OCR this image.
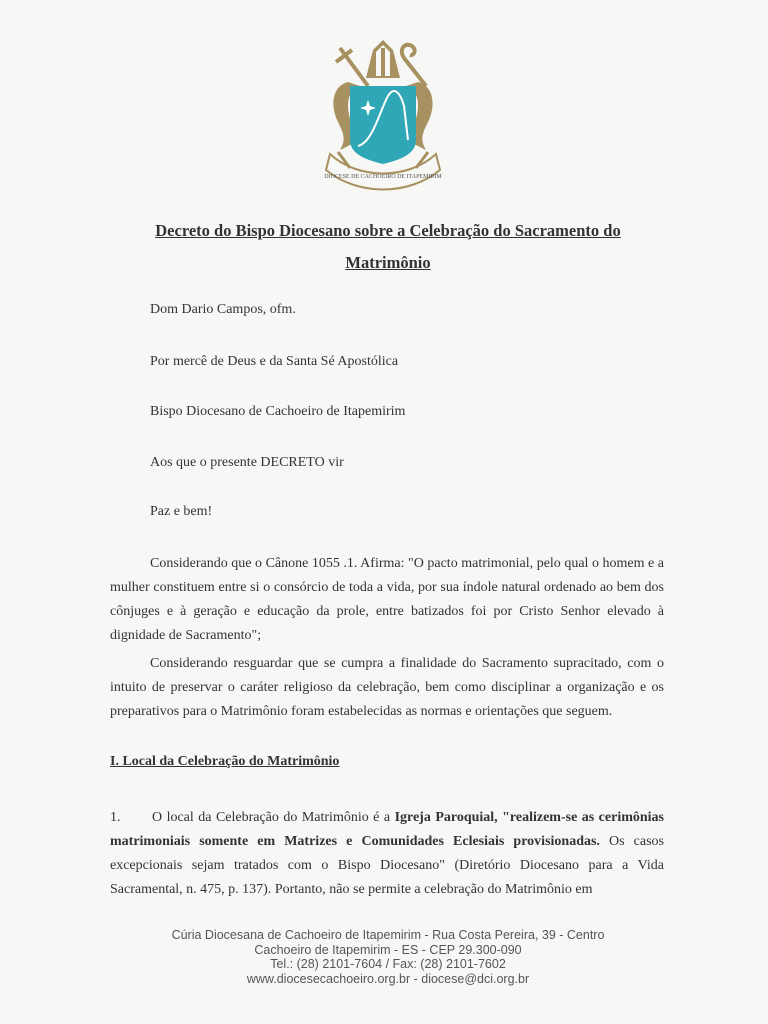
DIOCESE DE CACHOEIRO DE ITAPEMIRIM
Decreto do Bispo Diocesano sobre a Celebração do Sacramento do
Matrimônio
Dom Dario Campos, ofm.
Por mercê de Deus e da Santa Sé Apostólica
Bispo Diocesano de Cachoeiro de Itapemirim
Aos que o presente DECRETO vir
Paz e bem!
Considerando que o Cânone 1055 .1. Afirma: "O pacto matrimonial, pelo qual o homem e a mulher constituem entre si o consórcio de toda a vida, por sua índole natural ordenado ao bem dos cônjuges e à geração e educação da prole, entre batizados foi por Cristo Senhor elevado à dignidade de Sacramento";
Considerando resguardar que se cumpra a finalidade do Sacramento supracitado, com o intuito de preservar o caráter religioso da celebração, bem como disciplinar a organização e os preparativos para o Matrimônio foram estabelecidas as normas e orientações que seguem.
I. Local da Celebração do Matrimônio
1. O local da Celebração do Matrimônio é a Igreja Paroquial, "realizem-se as cerimônias matrimoniais somente em Matrizes e Comunidades Eclesiais provisionadas. Os casos excepcionais sejam tratados com o Bispo Diocesano" (Diretório Diocesano para a Vida Sacramental, n. 475, p. 137). Portanto, não se permite a celebração do Matrimônio em
Cúria Diocesana de Cachoeiro de Itapemirim - Rua Costa Pereira, 39 - Centro
Cachoeiro de Itapemirim - ES - CEP 29.300-090
Tel.: (28) 2101-7604 / Fax: (28) 2101-7602
www.diocesecachoeiro.org.br - diocese@dci.org.br
